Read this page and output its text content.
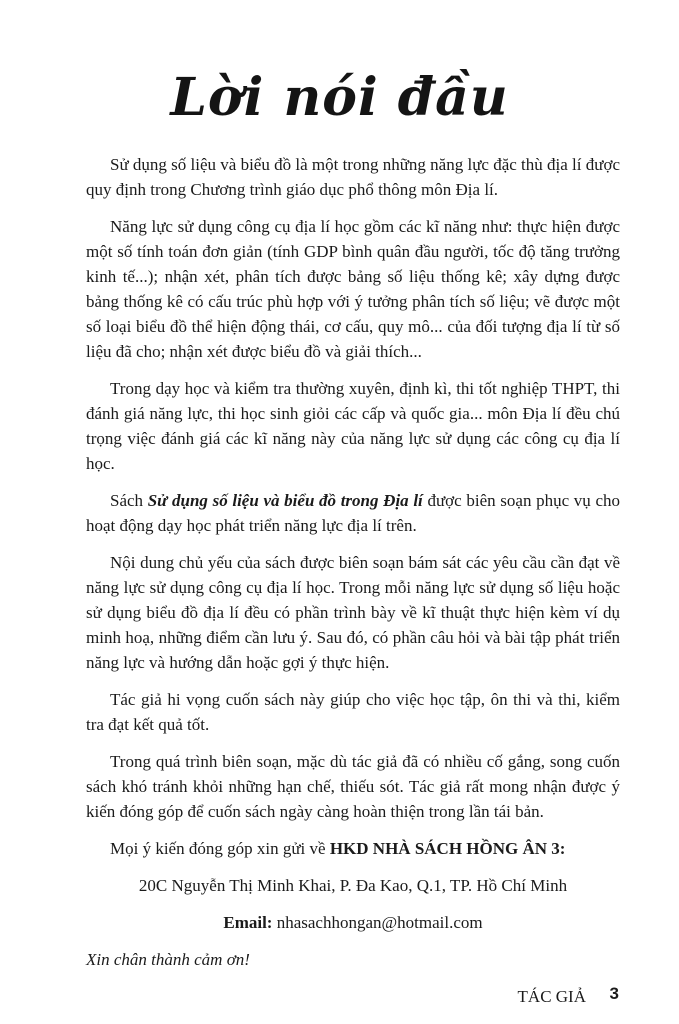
Lời nói đầu

Sử dụng số liệu và biểu đồ là một trong những năng lực đặc thù địa lí được quy định trong Chương trình giáo dục phổ thông môn Địa lí.

Năng lực sử dụng công cụ địa lí học gồm các kĩ năng như: thực hiện được một số tính toán đơn giản (tính GDP bình quân đầu người, tốc độ tăng trưởng kinh tế...); nhận xét, phân tích được bảng số liệu thống kê; xây dựng được bảng thống kê có cấu trúc phù hợp với ý tưởng phân tích số liệu; vẽ được một số loại biểu đồ thể hiện động thái, cơ cấu, quy mô... của đối tượng địa lí từ số liệu đã cho; nhận xét được biểu đồ và giải thích...

Trong dạy học và kiểm tra thường xuyên, định kì, thi tốt nghiệp THPT, thi đánh giá năng lực, thi học sinh giỏi các cấp và quốc gia... môn Địa lí đều chú trọng việc đánh giá các kĩ năng này của năng lực sử dụng các công cụ địa lí học.

Sách Sử dụng số liệu và biểu đồ trong Địa lí được biên soạn phục vụ cho hoạt động dạy học phát triển năng lực địa lí trên.

Nội dung chủ yếu của sách được biên soạn bám sát các yêu cầu cần đạt về năng lực sử dụng công cụ địa lí học. Trong mỗi năng lực sử dụng số liệu hoặc sử dụng biểu đồ địa lí đều có phần trình bày về kĩ thuật thực hiện kèm ví dụ minh hoạ, những điểm cần lưu ý. Sau đó, có phần câu hỏi và bài tập phát triển năng lực và hướng dẫn hoặc gợi ý thực hiện.

Tác giả hi vọng cuốn sách này giúp cho việc học tập, ôn thi và thi, kiểm tra đạt kết quả tốt.

Trong quá trình biên soạn, mặc dù tác giả đã có nhiều cố gắng, song cuốn sách khó tránh khỏi những hạn chế, thiếu sót. Tác giả rất mong nhận được ý kiến đóng góp để cuốn sách ngày càng hoàn thiện trong lần tái bản.

Mọi ý kiến đóng góp xin gửi về HKD NHÀ SÁCH HỒNG ÂN 3:

20C Nguyễn Thị Minh Khai, P. Đa Kao, Q.1, TP. Hồ Chí Minh

Email: nhasachhongan@hotmail.com

Xin chân thành cảm ơn!

TÁC GIẢ	3
